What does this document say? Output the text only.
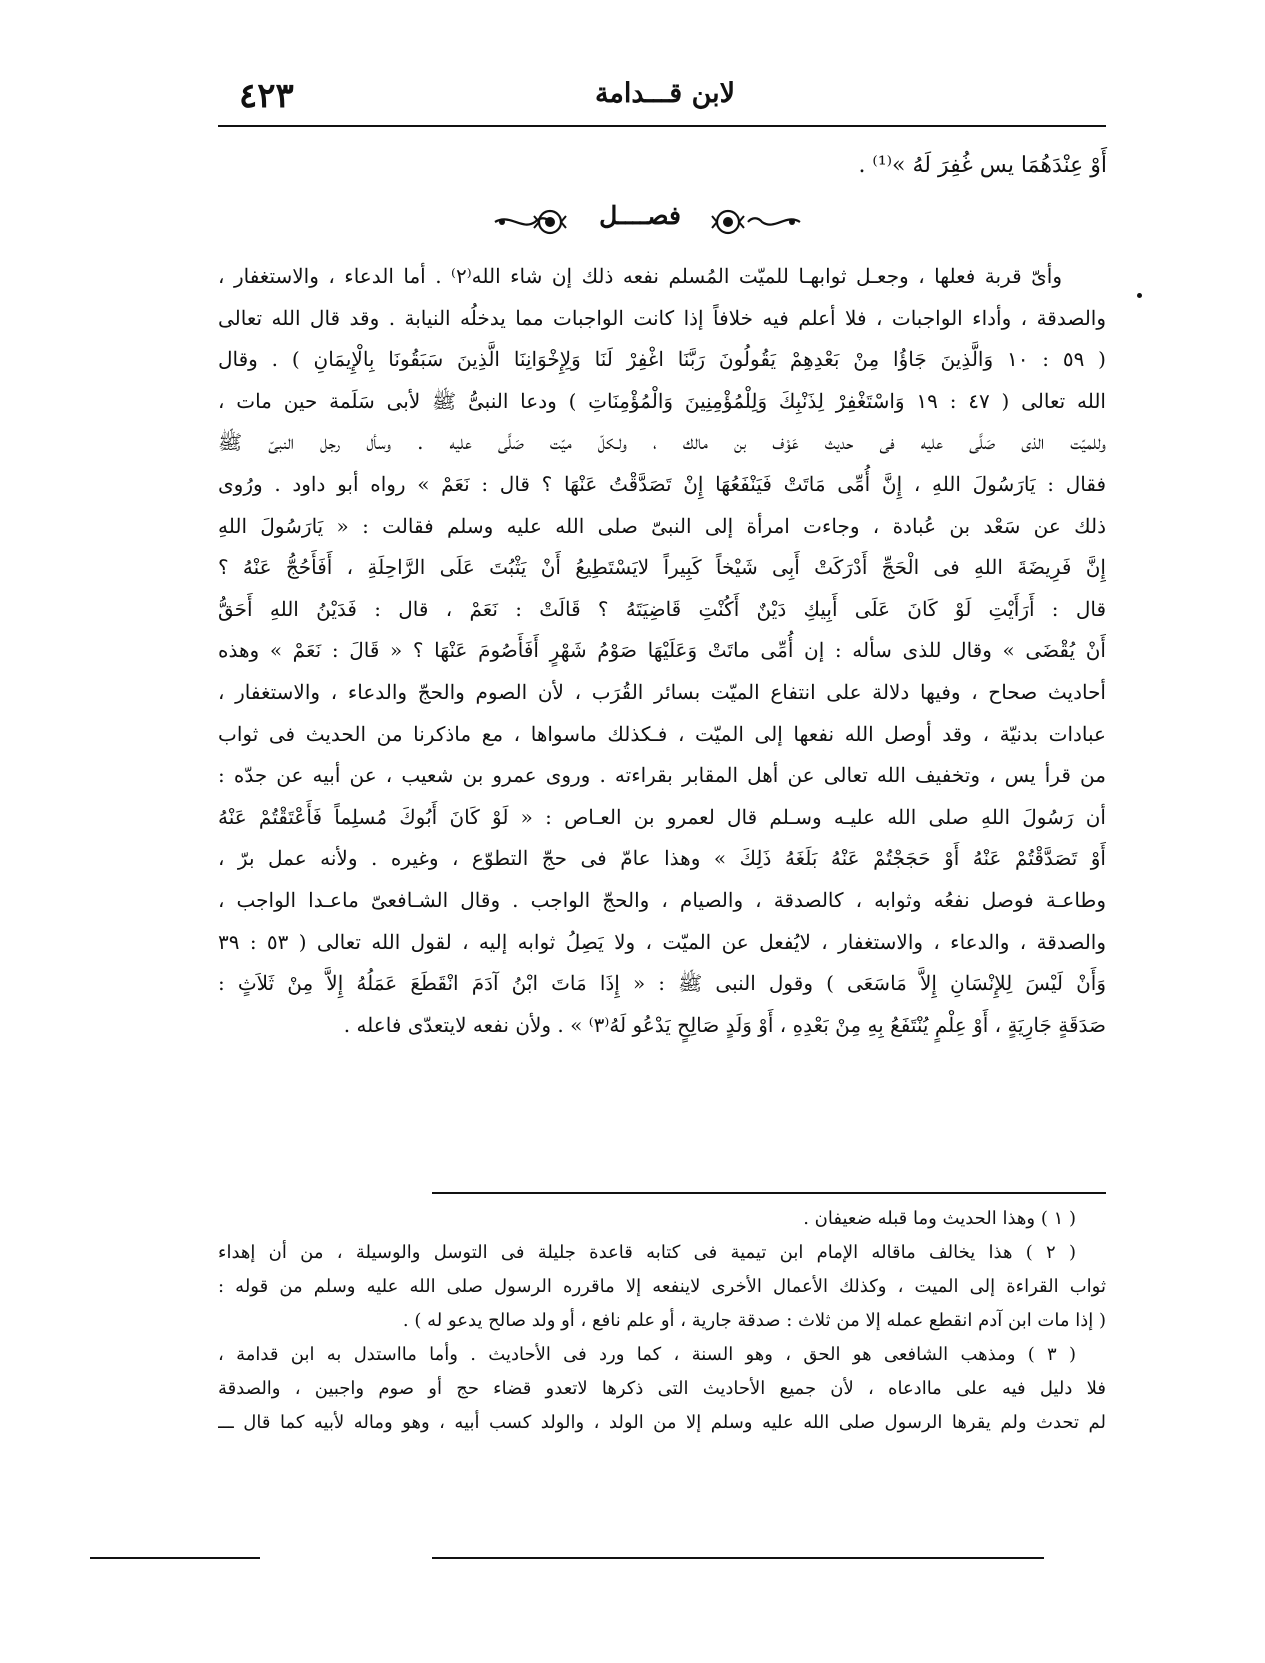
لابن قـــدامة
٤٢٣
أَوْ عِنْدَهُمَا يس غُفِرَ لَهُ »⁽¹⁾ .
فصــــل
وأىّ قربة فعلها ، وجعـل ثوابهـا للميّت المُسلم نفعه ذلك إن شاء الله⁽٢⁾ . أما الدعاء ، والاستغفار ،
والصدقة ، وأداء الواجبات ، فلا أعلم فيه خلافاً إذا كانت الواجبات مما يدخلُه النيابة . وقد قال الله تعالى
( ٥٩ : ١٠ وَالَّذِينَ جَاؤُا مِنْ بَعْدِهِمْ يَقُولُونَ رَبَّنَا اغْفِرْ لَنَا وَلِإِخْوَانِنَا الَّذِينَ سَبَقُونَا بِالْإِيمَانِ ) . وقال
الله تعالى ( ٤٧ : ١٩ وَاسْتَغْفِرْ لِذَنْبِكَ وَلِلْمُؤْمِنِينَ وَالْمُؤْمِنَاتِ ) ودعا النبىُّ ﷺ لأبى سَلَمة حين مات ،
وللميّت الذى صَلَّى عليه فى حديث عَوْف بن مالك ، ولـكلّ ميّت صَلَّى عليه . وسأل رجل النبىّ ﷺ
فقال : يَارَسُولَ اللهِ ، إِنَّ أُمِّى مَاتَتْ فَيَنْفَعُهَا إِنْ تَصَدَّقْتُ عَنْهَا ؟ قال : نَعَمْ » رواه أبو داود . ورُوى
ذلك عن سَعْد بن عُبادة ، وجاءت امرأة إلى النبىّ صلى الله عليه وسلم فقالت : « يَارَسُولَ اللهِ
إِنَّ فَرِيضَةَ اللهِ فى الْحَجِّ أَدْرَكَتْ أَبِى شَيْخاً كَبِيراً لايَسْتَطِيعُ أَنْ يَثْبُتَ عَلَى الرَّاحِلَةِ ، أَفَأَحُجُّ عَنْهُ ؟
قال : أَرَأَيْتِ لَوْ كَانَ عَلَى أَبِيكِ دَيْنٌ أَكُنْتِ قَاضِيَتَهُ ؟ قَالَتْ : نَعَمْ ، قال : فَدَيْنُ اللهِ أَحَقُّ
أَنْ يُقْضَى » وقال للذى سأله : إن أُمِّى ماتَتْ وَعَلَيْهَا صَوْمُ شَهْرٍ أَفَأَصُومَ عَنْهَا ؟ « قَالَ : نَعَمْ » وهذه
أحاديث صحاح ، وفيها دلالة على انتفاع الميّت بسائر القُرَب ، لأن الصوم والحجّ والدعاء ، والاستغفار ،
عبادات بدنيّة ، وقد أوصل الله نفعها إلى الميّت ، فـكذلك ماسواها ، مع ماذكرنا من الحديث فى ثواب
من قرأ يس ، وتخفيف الله تعالى عن أهل المقابر بقراءته . وروى عمرو بن شعيب ، عن أبيه عن جدّه :
أن رَسُولَ اللهِ صلى الله عليـه وسـلم قال لعمرو بن العـاص : « لَوْ كَانَ أَبُوكَ مُسلِماً فَأَعْتَقْتُمْ عَنْهُ
أَوْ تَصَدَّقْتُمْ عَنْهُ أَوْ حَجَجْتُمْ عَنْهُ بَلَغَهُ ذَلِكَ » وهذا عامّ فى حجّ التطوّع ، وغيره . ولأنه عمل برّ ،
وطاعـة فوصل نفعُه وثوابه ، كالصدقة ، والصيام ، والحجّ الواجب . وقال الشـافعىّ ماعـدا الواجب ،
والصدقة ، والدعاء ، والاستغفار ، لايُفعل عن الميّت ، ولا يَصِلُ ثوابه إليه ، لقول الله تعالى ( ٥٣ : ٣٩
وَأَنْ لَيْسَ لِلإِنْسَانِ إِلاَّ مَاسَعَى ) وقول النبى ﷺ : « إِذَا مَاتَ ابْنُ آدَمَ انْقَطَعَ عَمَلُهُ إِلاَّ مِنْ ثَلاَثٍ :
صَدَقَةٍ جَارِيَةٍ ، أَوْ عِلْمٍ يُنْتَفَعُ بِهِ مِنْ بَعْدِهِ ، أَوْ وَلَدٍ صَالِحٍ يَدْعُو لَهُ⁽٣⁾ » . ولأن نفعه لايتعدّى فاعله .
( ١ ) وهذا الحديث وما قبله ضعيفان .
( ٢ ) هذا يخالف ماقاله الإمام ابن تيمية فى كتابه قاعدة جليلة فى التوسل والوسيلة ، من أن إهداء
ثواب القراءة إلى الميت ، وكذلك الأعمال الأخرى لاينفعه إلا ماقرره الرسول صلى الله عليه وسلم من قوله :
( إذا مات ابن آدم انقطع عمله إلا من ثلاث : صدقة جارية ، أو علم نافع ، أو ولد صالح يدعو له ) .
( ٣ ) ومذهب الشافعى هو الحق ، وهو السنة ، كما ورد فى الأحاديث . وأما مااستدل به ابن قدامة ،
فلا دليل فيه على ماادعاه ، لأن جميع الأحاديث التى ذكرها لاتعدو قضاء حج أو صوم واجبين ، والصدقة
لم تحدث ولم يقرها الرسول صلى الله عليه وسلم إلا من الولد ، والولد كسب أبيه ، وهو وماله لأبيه كما قال ـــ
